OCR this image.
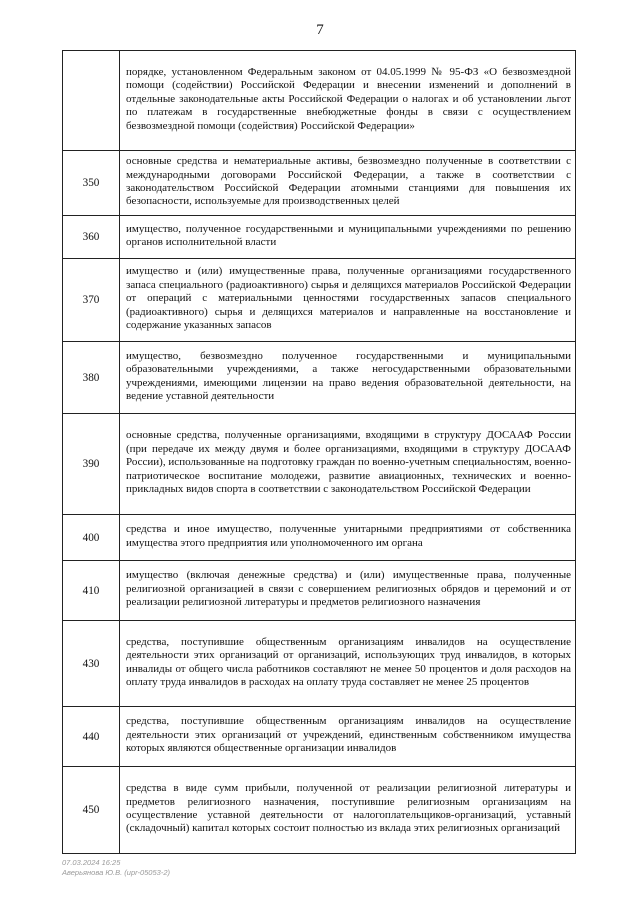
7
	порядке, установленном Федеральным законом от 04.05.1999 № 95-ФЗ «О безвозмездной помощи (содействии) Российской Федерации и внесении изменений и дополнений в отдельные законодательные акты Российской Федерации о налогах и об установлении льгот по платежам в государственные внебюджетные фонды в связи с осуществлением безвозмездной помощи (содействия) Российской Федерации»
350	основные средства и нематериальные активы, безвозмездно полученные в соответствии с международными договорами Российской Федерации, а также в соответствии с законодательством Российской Федерации атомными станциями для повышения их безопасности, используемые для производственных целей
360	имущество, полученное государственными и муниципальными учреждениями по решению органов исполнительной власти
370	имущество и (или) имущественные права, полученные организациями государственного запаса специального (радиоактивного) сырья и делящихся материалов Российской Федерации от операций с материальными ценностями государственных запасов специального (радиоактивного) сырья и делящихся материалов и направленные на восстановление и содержание указанных запасов
380	имущество, безвозмездно полученное государственными и муниципальными образовательными учреждениями, а также негосударственными образовательными учреждениями, имеющими лицензии на право ведения образовательной деятельности, на ведение уставной деятельности
390	основные средства, полученные организациями, входящими в структуру ДОСААФ России (при передаче их между двумя и более организациями, входящими в структуру ДОСААФ России), использованные на подготовку граждан по военно-учетным специальностям, военно-патриотическое воспитание молодежи, развитие авиационных, технических и военно-прикладных видов спорта в соответствии с законодательством Российской Федерации
400	средства и иное имущество, полученные унитарными предприятиями от собственника имущества этого предприятия или уполномоченного им органа
410	имущество (включая денежные средства) и (или) имущественные права, полученные религиозной организацией в связи с совершением религиозных обрядов и церемоний и от реализации религиозной литературы и предметов религиозного назначения
430	средства, поступившие общественным организациям инвалидов на осуществление деятельности этих организаций от организаций, использующих труд инвалидов, в которых инвалиды от общего числа работников составляют не менее 50 процентов и доля расходов на оплату труда инвалидов в расходах на оплату труда составляет не менее 25 процентов
440	средства, поступившие общественным организациям инвалидов на осуществление деятельности этих организаций от учреждений, единственным собственником имущества которых являются общественные организации инвалидов
450	средства в виде сумм прибыли, полученной от реализации религиозной литературы и предметов религиозного назначения, поступившие религиозным организациям на осуществление уставной деятельности от налогоплательщиков-организаций, уставный (складочный) капитал которых состоит полностью из вклада этих религиозных организаций
07.03.2024 16:25
Аверьянова Ю.В. (upr-05053-2)
